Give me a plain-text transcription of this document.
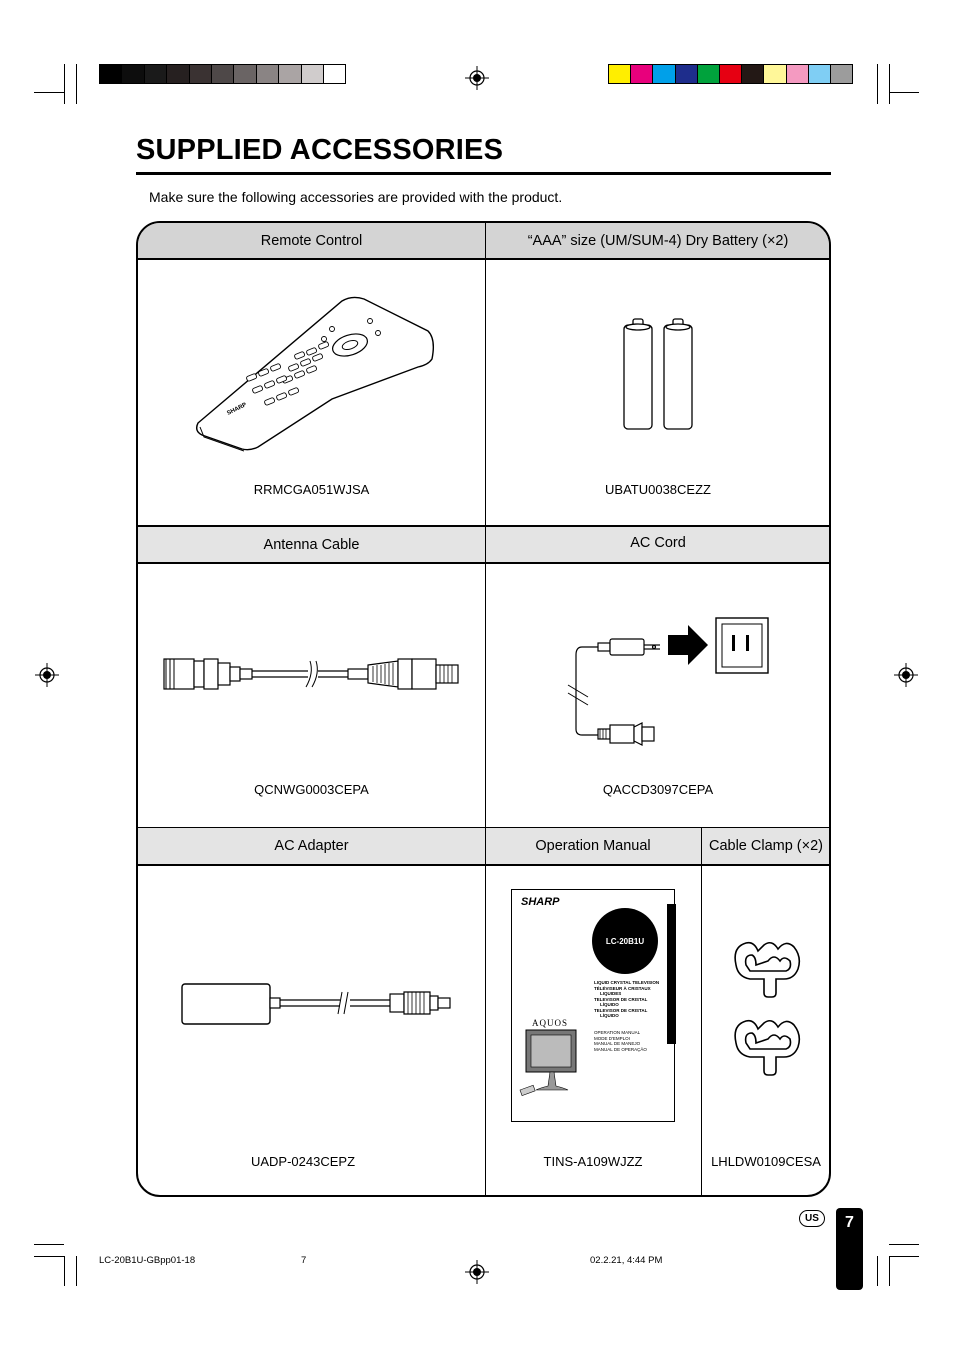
SUPPLIED ACCESSORIES
Make sure the following accessories are provided with the product.
Remote Control	“AAA” size (UM/SUM-4) Dry Battery (×2)
Antenna Cable	AC Cord
AC Adapter	Operation Manual	Cable Clamp (×2)
RRMCGA051WJSA	UBATU0038CEZZ
QCNWG0003CEPA	QACCD3097CEPA
UADP-0243CEPZ	TINS-A109WJZZ	LHLDW0109CESA
SHARP
SHARP
LC-20B1U
LIQUID CRYSTAL TELEVISION
TÉLÉVISEUR À CRISTAUX
LIQUIDES
TELEVISOR DE CRISTAL
LÍQUIDO
TELEVISOR DE CRISTAL
LÍQUIDO
AQUOS
OPERATION MANUAL
MODE D'EMPLOI
MANUAL DE MANEJO
MANUAL DE OPERAÇÃO
US	7
LC-20B1U-GBpp01-18	7	02.2.21, 4:44 PM
